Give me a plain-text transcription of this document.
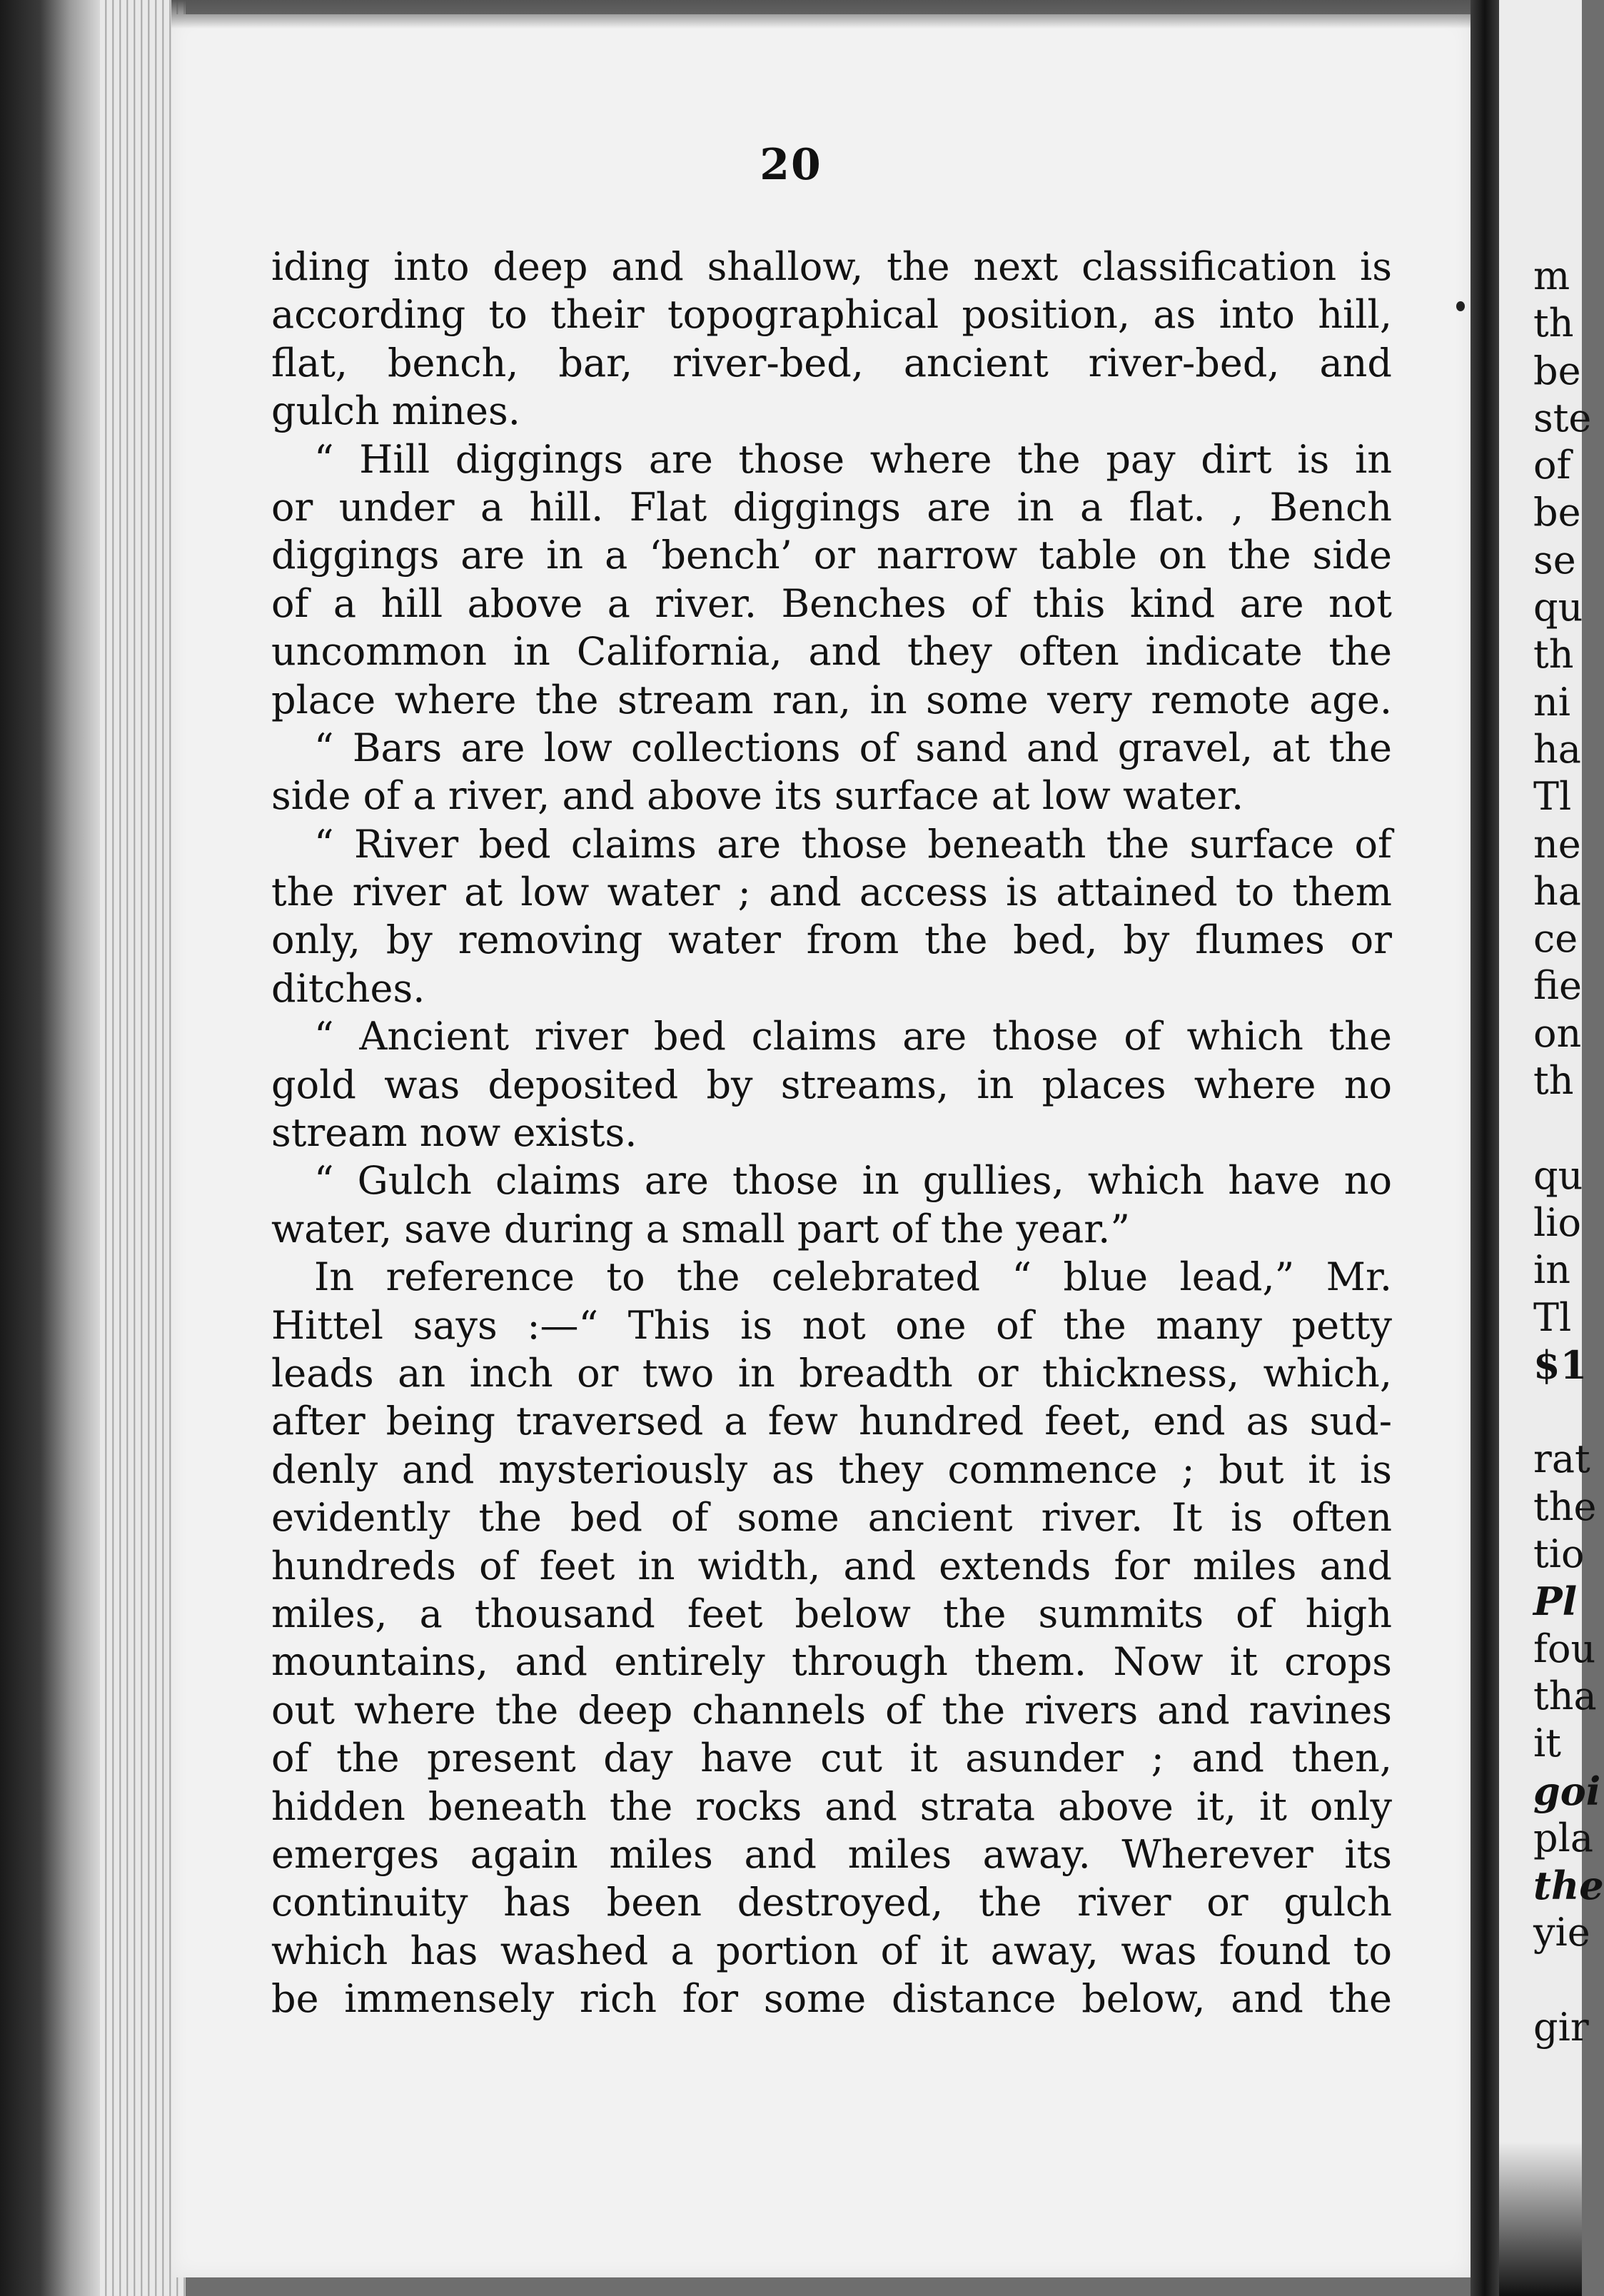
20
iding into deep and shallow, the next classification is
according to their topographical position, as into hill,
flat, bench, bar, river-bed, ancient river-bed, and
gulch mines.
“ Hill diggings are those where the pay dirt is in
or under a hill. Flat diggings are in a flat. , Bench
diggings are in a ‘bench’ or narrow table on the side
of a hill above a river. Benches of this kind are not
uncommon in California, and they often indicate the
place where the stream ran, in some very remote age.
“ Bars are low collections of sand and gravel, at the
side of a river, and above its surface at low water.
“ River bed claims are those beneath the surface of
the river at low water ; and access is attained to them
only, by removing water from the bed, by flumes or
ditches.
“ Ancient river bed claims are those of which the
gold was deposited by streams, in places where no
stream now exists.
“ Gulch claims are those in gullies, which have no
water, save during a small part of the year.”
In reference to the celebrated “ blue lead,” Mr.
Hittel says :—“ This is not one of the many petty
leads an inch or two in breadth or thickness, which,
after being traversed a few hundred feet, end as sud-
denly and mysteriously as they commence ; but it is
evidently the bed of some ancient river. It is often
hundreds of feet in width, and extends for miles and
miles, a thousand feet below the summits of high
mountains, and entirely through them. Now it crops
out where the deep channels of the rivers and ravines
of the present day have cut it asunder ; and then,
hidden beneath the rocks and strata above it, it only
emerges again miles and miles away. Wherever its
continuity has been destroyed, the river or gulch
which has washed a portion of it away, was found to
be immensely rich for some distance below, and the
m
th
be
ste
of
be
se
qu
th
ni
ha
Tl
ne
ha
ce
fie
on
th
qu
lio
in
Tl
$1
rat
the
tio
Pl
fou
tha
it
goi
pla
the
yie
gir
